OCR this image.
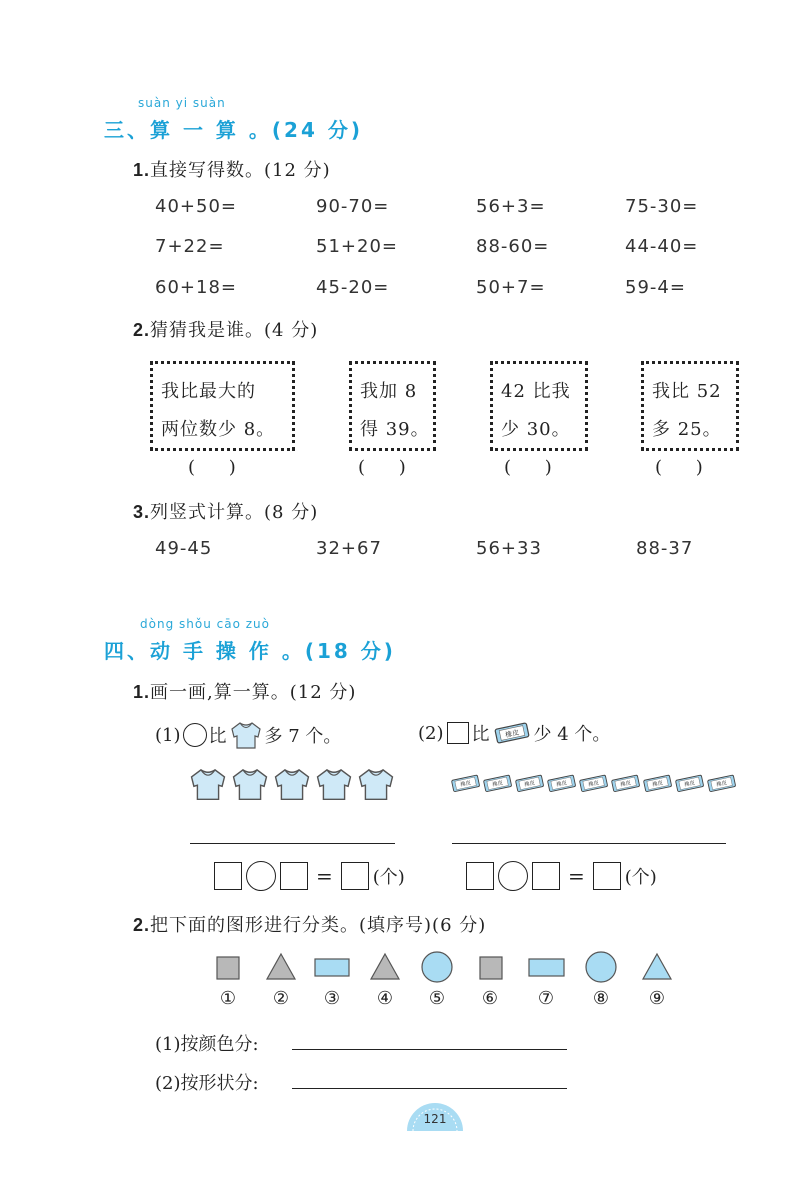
suàn yi suàn
三、算 一 算 。(24 分)
1.直接写得数。(12 分)
40+50=	90-70=	56+3=	75-30=
7+22=	51+20=	88-60=	44-40=
60+18=	45-20=	50+7=	59-4=
2.猜猜我是谁。(4 分)
我比最大的
两位数少 8。
我加 8
得 39。
42 比我
少 30。
我比 52
多 25。
( )	( )	( )	( )
3.列竖式计算。(8 分)
49-45	32+67	56+33	88-37
dòng shǒu cāo zuò
四、动 手 操 作 。(18 分)
1.画一画,算一算。(12 分)
(1) 比 多 7 个。	(2) 比 橡皮 少 4 个。
橡皮	橡皮	橡皮	橡皮	橡皮	橡皮	橡皮	橡皮	橡皮
= (个)	= (个)
2.把下面的图形进行分类。(填序号)(6 分)
①	②	③	④	⑤	⑥	⑦	⑧	⑨
(1)按颜色分:
(2)按形状分:
121
